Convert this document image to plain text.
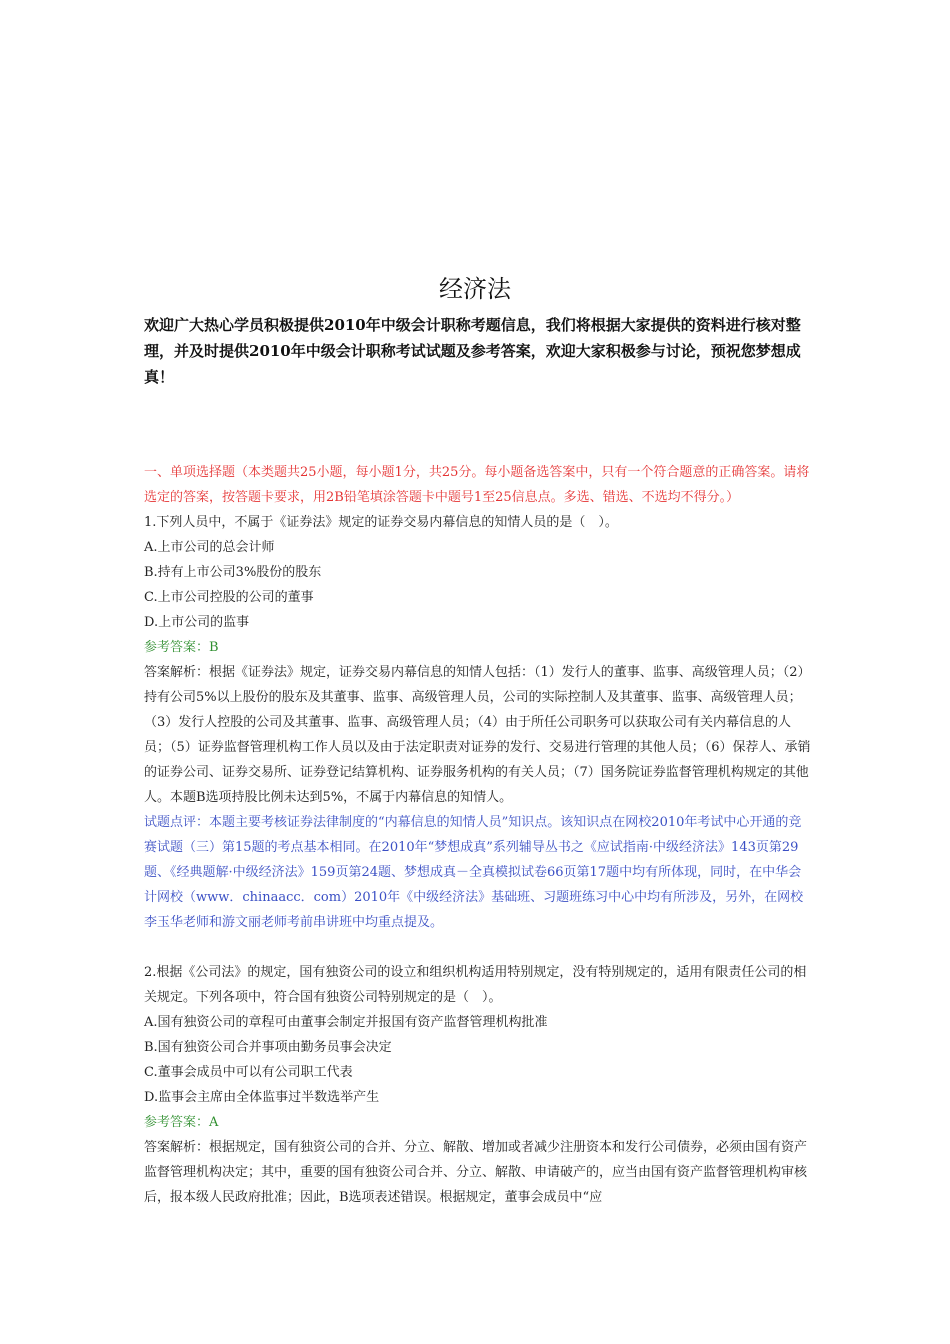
经济法
欢迎广大热心学员积极提供2010年中级会计职称考题信息，我们将根据大家提供的资料进行核对整理，并及时提供2010年中级会计职称考试试题及参考答案，欢迎大家积极参与讨论，预祝您梦想成真！

一、单项选择题（本类题共25小题，每小题1分，共25分。每小题备选答案中，只有一个符合题意的正确答案。请将选定的答案，按答题卡要求，用2B铅笔填涂答题卡中题号1至25信息点。多选、错选、不选均不得分。）

1.下列人员中，不属于《证券法》规定的证券交易内幕信息的知情人员的是（　）。

A.上市公司的总会计师

B.持有上市公司3%股份的股东

C.上市公司控股的公司的董事

D.上市公司的监事

参考答案：B

答案解析：根据《证券法》规定，证券交易内幕信息的知情人包括：（1）发行人的董事、监事、高级管理人员；（2）持有公司5%以上股份的股东及其董事、监事、高级管理人员，公司的实际控制人及其董事、监事、高级管理人员；（3）发行人控股的公司及其董事、监事、高级管理人员；（4）由于所任公司职务可以获取公司有关内幕信息的人员；（5）证券监督管理机构工作人员以及由于法定职责对证券的发行、交易进行管理的其他人员；（6）保荐人、承销的证券公司、证券交易所、证券登记结算机构、证券服务机构的有关人员；（7）国务院证券监督管理机构规定的其他人。本题B选项持股比例未达到5%，不属于内幕信息的知情人。

试题点评：本题主要考核证券法律制度的“内幕信息的知情人员”知识点。该知识点在网校2010年考试中心开通的竞赛试题（三）第15题的考点基本相同。在2010年“梦想成真”系列辅导丛书之《应试指南·中级经济法》143页第29题、《经典题解·中级经济法》159页第24题、梦想成真－全真模拟试卷66页第17题中均有所体现，同时，在中华会计网校（www．chinaacc．com）2010年《中级经济法》基础班、习题班练习中心中均有所涉及，另外，在网校李玉华老师和游文丽老师考前串讲班中均重点提及。

2.根据《公司法》的规定，国有独资公司的设立和组织机构适用特别规定，没有特别规定的，适用有限责任公司的相关规定。下列各项中，符合国有独资公司特别规定的是（　）。

A.国有独资公司的章程可由董事会制定并报国有资产监督管理机构批准

B.国有独资公司合并事项由勤务员事会决定

C.董事会成员中可以有公司职工代表

D.监事会主席由全体监事过半数选举产生

参考答案：A

答案解析：根据规定，国有独资公司的合并、分立、解散、增加或者减少注册资本和发行公司债券，必须由国有资产监督管理机构决定；其中，重要的国有独资公司合并、分立、解散、申请破产的，应当由国有资产监督管理机构审核后，报本级人民政府批准；因此，B选项表述错误。根据规定，董事会成员中“应
